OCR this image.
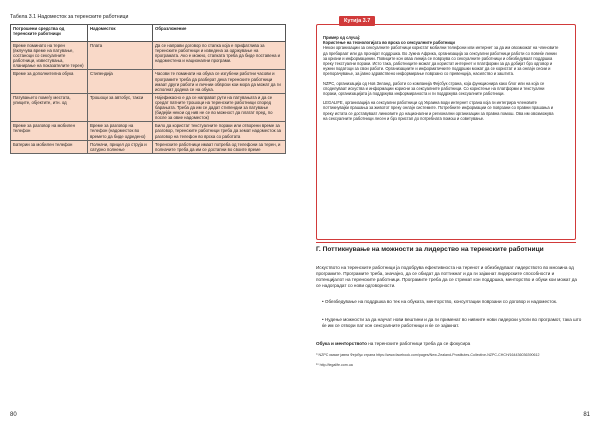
Табела 3.1 Надоместок за теренските работници
Потрошени средства од теренските работници	Надоместок	Образложение
Време поминато на терен (вклучува време на патување, состаноци со сексуалните работници, известувања, планирање на показателите терен)	Плата	Да се направи договор по стапка која е прифатлива за теренските работници и изведена за одржување на програмата. Ако е можно, стапката треба да биде поставена и надоместена и национални програми.
Време за дополнителна обука	Стипендија	Часови те поминати на обука се изгубени работни часови и програмите треба да разберат дека теренските работници имаат други работи и личнии обврски кои мора да можат да ги исполнат додека се на обука.
Патувањето помеѓу местата, улиците, објектите, итн. од	Трошоци за автобус, такси	Најефикасно е да се направат рути на патувањата и да се средат патните трошоци на теренските работници според барањата. Треба да им се дадат стипендии за патување (бидејќи некои од нив не се во можност да платат пред, по после за овие надоместок)
Време за разговор на мобилен телефон	Време за разговор на телефон (надоместок во времето да биде одредено)	Било да користат текстуалните пораки или отворени време за разговор, теренските работници треба да земат надоместок за разговор на телефон во врска со работата
Батерии за мобилен телефон	Полначи, прицел до струја и сатурно полнење	Теренските работници имаат потреба од телефони за терен, и полначите треба да им се достапни во своите време
80
Кутија 3.7

Пример од случај:

Користење на технологијата во врска со сексуалните работници

Некои организации за сексуалните работници користат мобилни телефони или интернет за да им овозможат на членовите да пребараат или да пронајат поддршка. Во Јужна Африка, организација за сексуални работници работи со повеќе линии за кризни и информацинии. Повиците кон оваа линија се поврзува со сексуалните работници и обезбедуваат поддршка преку текстуални пораки. Исто така, работниците можат да користат интернет и платформи за да добијат брз одговор и нужни податоци за свои работи. Организациите и информатичките поддршки можат да се користат и за онлајн сесии и препорачување, за јавно здравствено информирање поврзано со превенција, насилство и заштита.

NZPC, организација од Нов Зеланд, работи со компанија Фејсбук страна, која функционира како блог или на која се споделуваат искуства и информации корисни за сексуалните работници. Со користење на платформи и текстуални пораки, организацијата ја поддржува информираноста и ги поддржува сексуалните работници.

LEGALIFE, организација на сексуални работници од Украина води интернет страна која ги интегрира членовите поттикнувајќи прашања за животот преку онлајн системите. Потребните информации се поврзани со правни прашања и преку истата се доставуваат линковите до национални и регионални организации за правна помош. Ова им овозможува на сексуалните работници лесен и брз пристап до потребната помош и советување.

Г. Поттикнување на можности за лидерство на теренските работници

Искуството на теренските работници ја подобрува ефективноста на теренот и обезбедуваат лидерството во мнозина од програмите. Програмите треба, значајно, да се обидат да поттикнат и да ги зајакнат лидерските способности и потенцијалот на теренските работници. Програмите треба да се стремат кон поддршка, менторство и обуки кои можат да се надоградат со нови одговорности.

• Обезбедување на поддршка во тек на обуката, менторство, консултации поврзани со договор и надоместок.

• Нудење можности за да научат нови вештини и да ги применат во нивните нови лидерски улоги во програмот, така што ќе им се отвори пат кон сексуалните работници и ќе се зајакнат.

Обука и менторството на теренските работници треба да се фокусира

⁹ NZPC имаат јавна Фејсбук страна https://www.facebook.com/pages/New-Zealand-Prostitutes-Collective-NZPC-CHCH/164436036390612

¹⁰ http://legalife.com.ua

81
